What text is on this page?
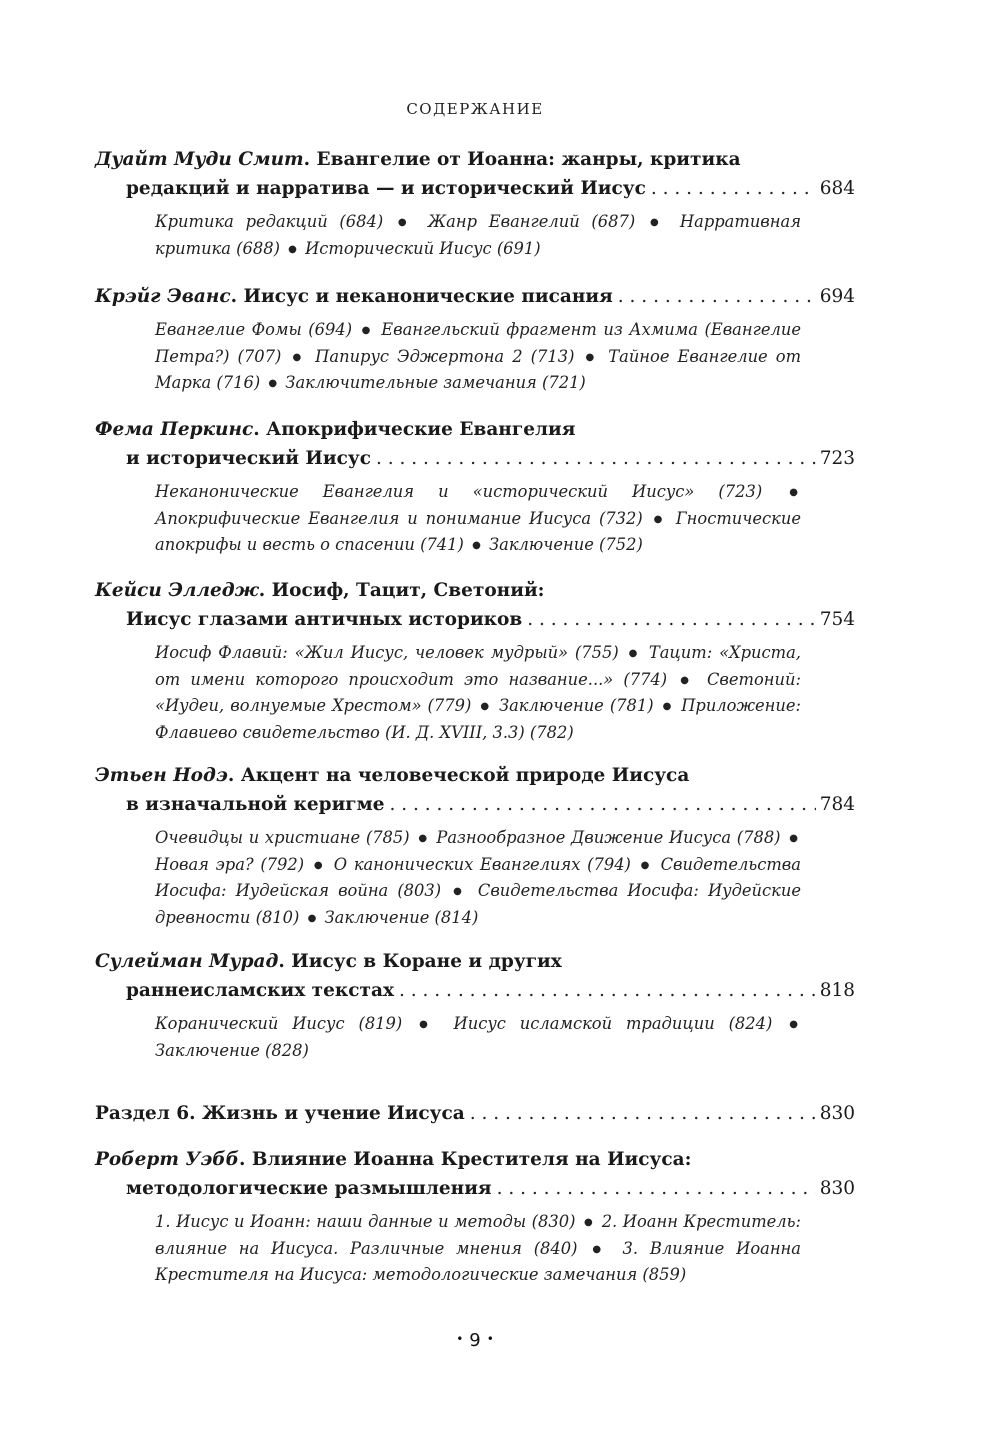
СОДЕРЖАНИЕ
Дуайт Муди Смит . Евангелие от Иоанна: жанры, критика
редакций и нарратива — и исторический Иисус . . .	684
Критика редакций (684) ● Жанр Евангелий (687) ● Нарративная критика (688) ● Исторический Иисус (691)
Крэйг Эванс . Иисус и неканонические писания . . .	694
Евангелие Фомы (694) ● Евангельский фрагмент из Ахмима (Евангелие Петра?) (707) ● Папирус Эджертона 2 (713) ● Тайное Евангелие от Марка (716) ● Заключительные замечания (721)
Фема Перкинс . Апокрифические Евангелия
и исторический Иисус . . .	723
Неканонические Евангелия и «исторический Иисус» (723)	● Апокрифические Евангелия и понимание Иисуса (732) ● Гностические апокрифы и весть о спасении (741) ● Заключение (752)
Кейси Элледж . Иосиф, Тацит, Светоний:
Иисус глазами античных историков . . .	754
Иосиф Флавий: «Жил Иисус, человек мудрый» (755) ● Тацит: «Христа, от имени которого происходит это название...» (774) ● Светоний: «Иудеи, волнуемые Хрестом» (779) ● Заключение (781) ● Приложение: Флавиево свидетельство (И. Д. XVIII, 3.3) (782)
Этьен Нодэ . Акцент на человеческой природе Иисуса
в изначальной керигме . . .	784
Очевидцы и христиане (785) ● Разнообразное Движение Иисуса (788) ● Новая эра? (792) ● О канонических Евангелиях (794) ● Свидетельства Иосифа: Иудейская война (803) ● Свидетельства Иосифа: Иудейские древности (810) ● Заключение (814)
Сулейман Мурад . Иисус в Коране и других
раннеисламских текстах . . .	818
Коранический Иисус (819) ● Иисус исламской традиции (824) ● Заключение (828)
Раздел 6. Жизнь и учение Иисуса . . .	830
Роберт Уэбб . Влияние Иоанна Крестителя на Иисуса:
методологические размышления . . .	830
1. Иисус и Иоанн: наши данные и методы (830) ● 2. Иоанн Креститель: влияние на Иисуса. Различные мнения (840) ● 3. Влияние Иоанна Крестителя на Иисуса: методологические замечания (859)
• 9 •
